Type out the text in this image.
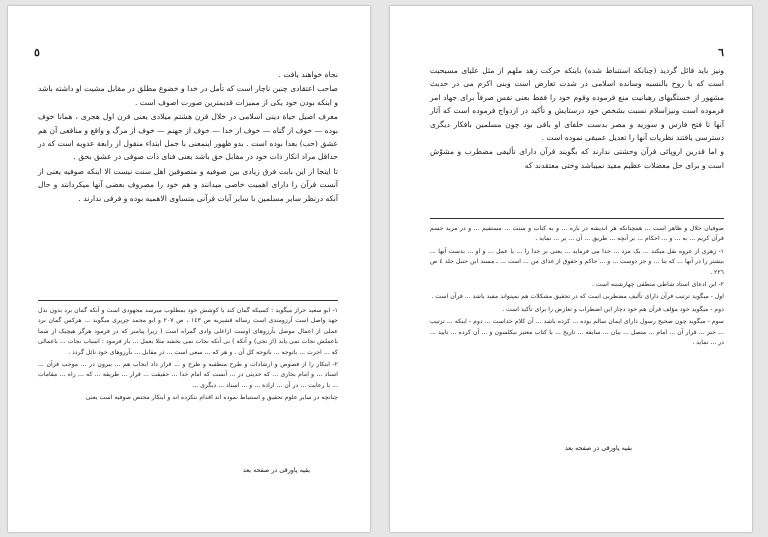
٥

نجاه خواهند یافت .

صاحب اعتقادی چنین ناچار است که تأمل در خدا و خضوع مطلق در مقابل مشیت او داشته باشد و اینکه بودن خود یکی از ممیزات قدیمترین صورت اصوف است .

معرف اصیل حیاة دینی اسلامی در خلال قرن هشتم میلادی یعنی قرن اول هجری ، همانا خوف بوده — خوف از گناه — خوف از خدا — خوف از جهنم — خوف از مرگ و واقع و منافعی آن هم عشق (حب) بعدا بوده است . بدو ظهور اینمعنی با جمل ابتداء منقول از رابعة عدویه است که در حداقل مراد انکار ذات خود در مقابل حق باشد یعنی فنای ذات صوفی در عشق بحق .

تا اینجا از این بابت فرق زیادی بین صوفیه و متصوفین اهل سنت نیست الا اینکه صوفیه یعنی از آنست قرآن را دارای اهمیت خاصی میدانند و هم خود را مصروف بعضی آنها میکردانند و حال آنکه درنظر سایر مسلمین با سایر آیات قرآنی متساوی الاهمیه بوده و فرقی ندارند .

١- ابو سعید خراز میگوید : کسیکه گمان کند با کوشش خود بمطلوب میرسد مجهودی است و آنکه گمان برد بدون بذل جهد واصل است آرزومندی است رساله قشیریه ص ١٤٣ ، ص ٢٠٧ و ابو محمد جریری میگوید ... هرکس گمان برد عملی از اعمال موصل بآرزوهای اوست ازاعلی وادی گمراه است ( زیرا پیامبر که در فرمود هرگز هیچیک از شما باعملش نجات نمی یابد (از نجی) و آنکه ) بی آنکه نجات نمی بخشد مثلا بعمل ... باز فرمود : اسباب نجات ... باعمالی که ... اجرت ... باتوجه ... باتوجه کل آن . و هر که ... سعی است ... در مقابل ... بآرزوهای خود نائل گردد .

٢- ابتکار را از فصوص و ارشادات و طرح منطقیه و طرح و ... قرار داد ایجاب هم ... بیرون در ... موجب قرآن ... اسناد ... و امام بخاری ... که حدیثی در ... آنست که امام خدا ... حقیقت ... قرار ... طریقه ... که ... راه ... مقامات ... با رعایت ... در آن ... ارادة ... و ... اسناد ... دیگری ...

چنانچه در سایر علوم تحقیق و استنباط نموده اند اقدام ننکرده اند و اینکار مختص صوفیه است یعنی

بقیه پاورقی در صفحه بعد
٦

ونیز باید قائل گردید (چنانکه استنباط شده) باینکه حرکت زهد ملهم از مثل علیای مسیحیت است که با روح بالنسبه وسانده اسلامی در شدت تعارض است وبنی اکرم می در حدیث مشهور از خستگیهای رهبانیت منع فرموده وقوم خود را فقط بعنی نفس صرفاً برای جهاد امر فرموده است ونیزاسلام نسبت بشخص خود درستایش و تأکید در ازدواج فرموده است که آثار آنها تا فتح فارس و سوریه و مصر بدست خلفای او باقی بود چون مسلمین بافکار دیگری دسترسی یافتند نظریات آنها را تعدیل عمیقی نموده است .

و اما قدرین اروپائی قرآن وحشتی ندارند که بگویند قرآن دارای تألیفی مضطرب و مشوّش است و برای حل معضلات عظیم مفید نمیباشد وحتی معتقدند که

صوفیان حلال و ظاهر است ... همچنانکه هر اندیشه در باره ... و به کتاب و سنت ... مستقیم ... و در مرید جسم قرآن کریم ... به ... و ... احکام ... بر آنچه ... طریق ... آن ... بر ... نماید .

١- زهری از عروه نقل میکند ... یک مرد ... خدا می فرماید ... یعنی بر خدا را ... یا عمل ... و او ... بدست آنها ... بیشتر را در آنها ... که بنا ... و جز دوست ... و ... حاکم و حقوق از غذای من ... است ... ـ مسند ابن حنبل جلد ٤ ص ٢٢٦ .

٢- این ادعای استاد شاطی منطقی چهارشنبه است .

اول - میگوید ترتیب قرآن دارای تألیف مضطربی است که در تحقیق مشکلات هم نمیتواند مفید باشد ... قرآن است .

دوم - میگوید خود مؤلف قرآن هم خود دچار این اضطراب و تعارض را برای تأکید است .

سوم - میگوید چون صحیح رسول دارای ایمان سالم بوده ... کرده باشد ... آن کلام خداست ... دوم - اینکه ... ترتیب ... خبر ... قرار آن ... امام ... متصل ... بیان ... سابقه ... تاریخ ... با کتاب معتبر نیکلسون و ... آن کرده ... تایید ... در ... نماید .

بقیه پاورقی در صفحه بعد
